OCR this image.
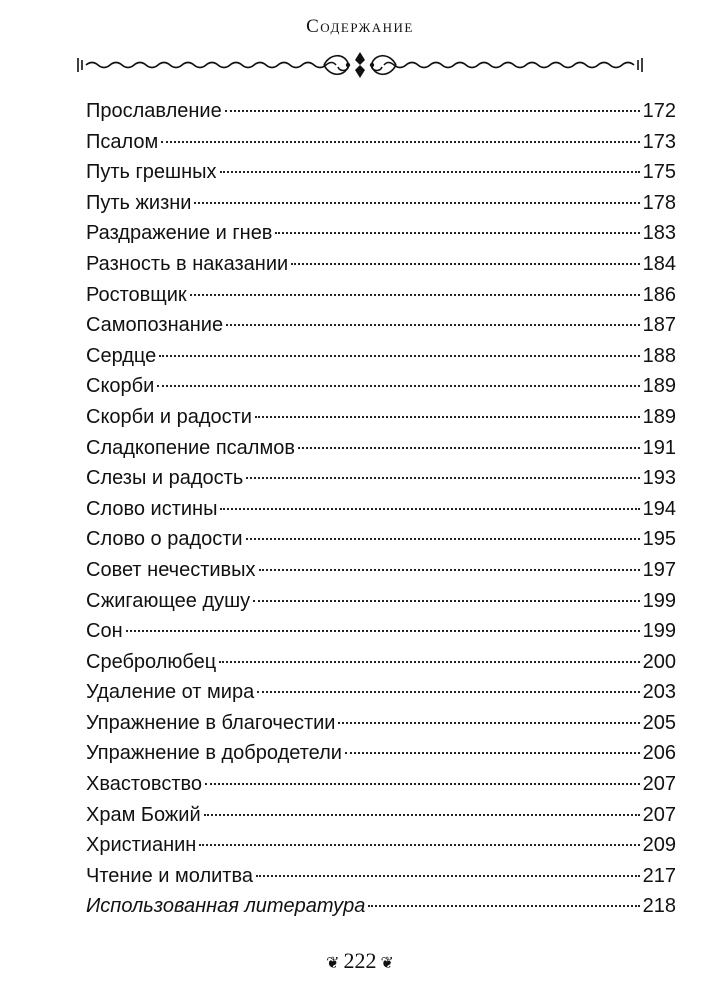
Содержание
Прославление	172
Псалом	173
Путь грешных	175
Путь жизни	178
Раздражение и гнев	183
Разность в наказании	184
Ростовщик	186
Самопознание	187
Сердце	188
Скорби	189
Скорби и радости	189
Сладкопение псалмов	191
Слезы и радость	193
Слово истины	194
Слово о радости	195
Совет нечестивых	197
Сжигающее душу	199
Сон	199
Сребролюбец	200
Удаление от мира	203
Упражнение в благочестии	205
Упражнение в добродетели	206
Хвастовство	207
Храм Божий	207
Христианин	209
Чтение и молитва	217
Использованная литература	218
❦ 222 ❦
